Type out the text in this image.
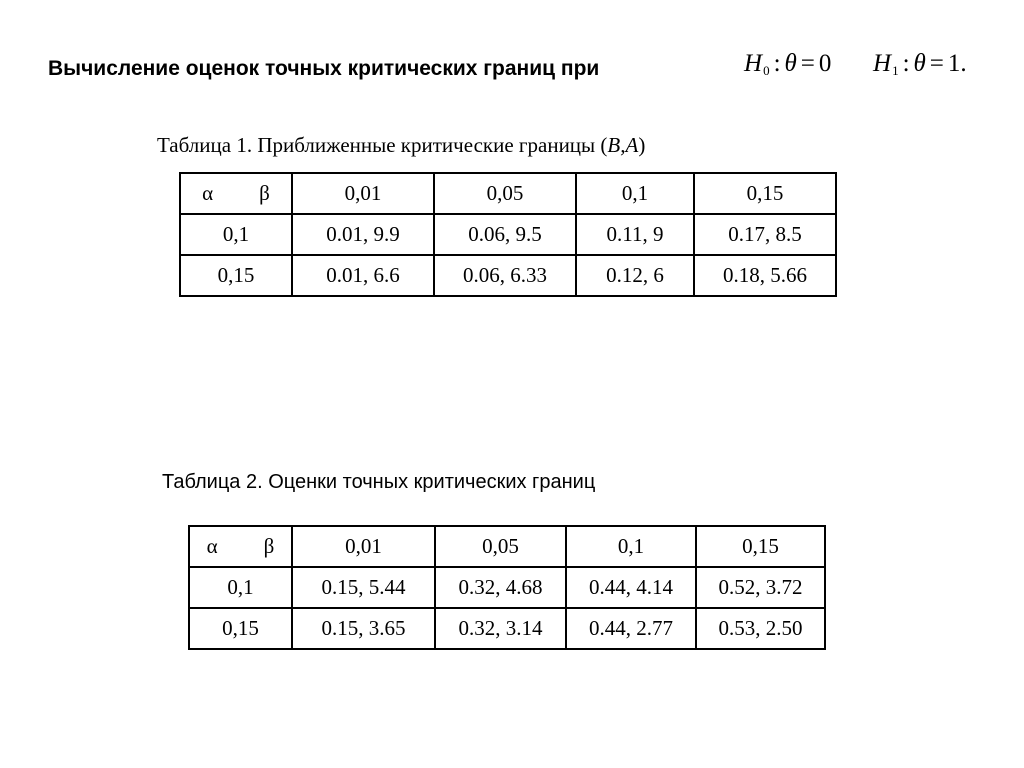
Вычисление оценок точных критических границ при	$H_0$ : θ = 0 $H_1$ : θ = 1.
Таблица 1. Приближенные критические границы (B,A)
α β	0,01	0,05	0,1	0,15
0,1	0.01, 9.9	0.06, 9.5	0.11, 9	0.17, 8.5
0,15	0.01, 6.6	0.06, 6.33	0.12, 6	0.18, 5.66
Таблица 2. Оценки точных критических границ
α β	0,01	0,05	0,1	0,15
0,1	0.15, 5.44	0.32, 4.68	0.44, 4.14	0.52, 3.72
0,15	0.15, 3.65	0.32, 3.14	0.44, 2.77	0.53, 2.50
